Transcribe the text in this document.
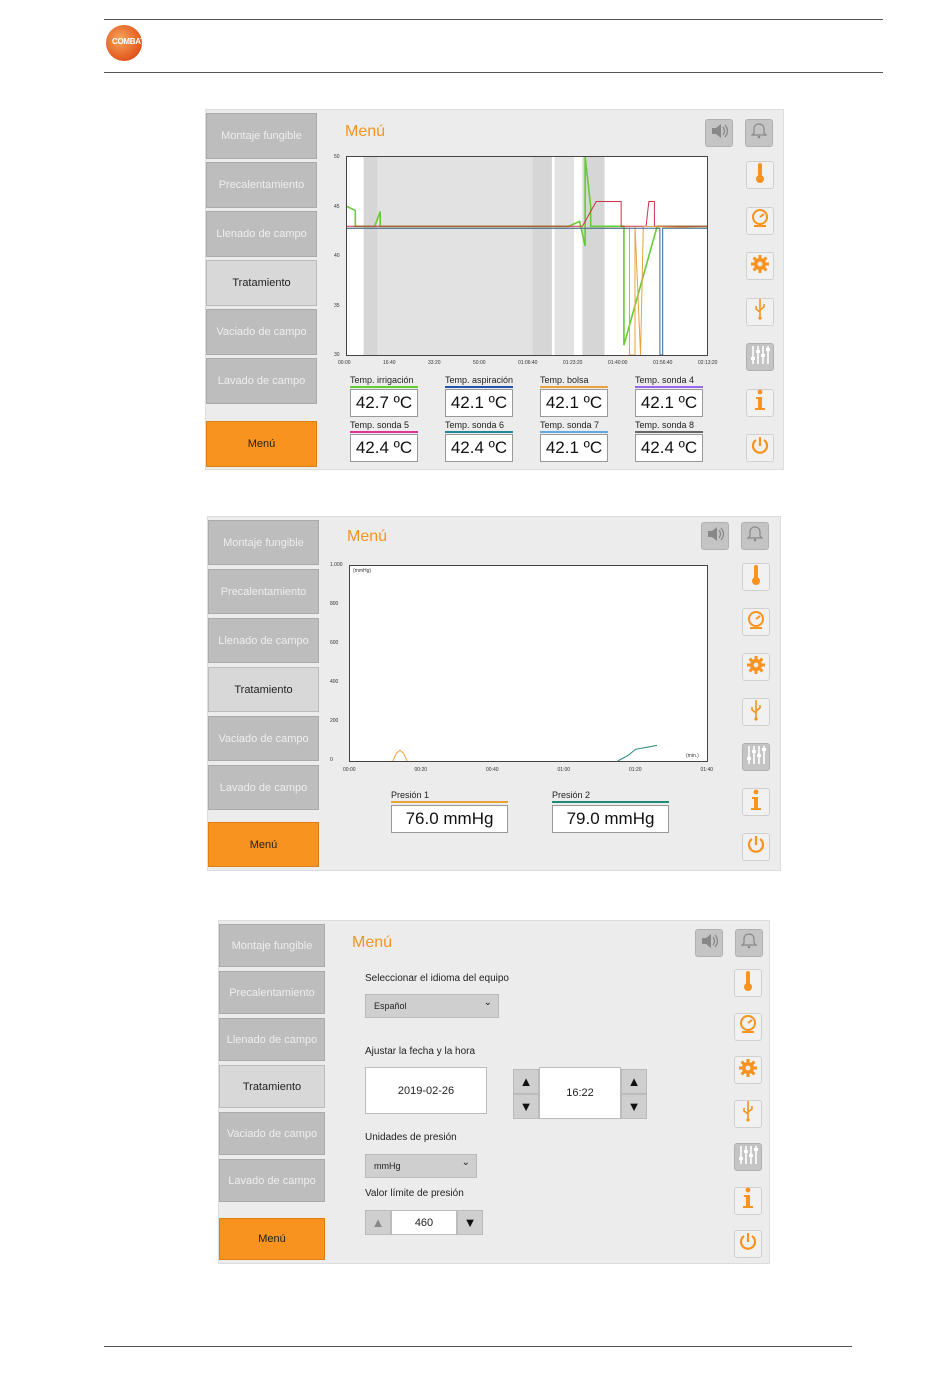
COMBAT
Montaje fungible
Precalentamiento
Llenado de campo
Tratamiento
Vaciado de campo
Lavado de campo
Menú
Menú
50
45
40
35
30
00:00	16:40	33:20	50:00	01:06:40	01:23:20	01:40:00	01:56:40	02:13:20
Temp. irrigación
42.7 ºC
Temp. aspiración
42.1 ºC
Temp. bolsa
42.1 ºC
Temp. sonda 4
42.1 ºC
Temp. sonda 5
42.4 ºC
Temp. sonda 6
42.4 ºC
Temp. sonda 7
42.1 ºC
Temp. sonda 8
42.4 ºC
Montaje fungible
Precalentamiento
Llenado de campo
Tratamiento
Vaciado de campo
Lavado de campo
Menú
Menú
(mmHg)
(min.)
1.000
800
600
400
200
0
00:00	00:20	00:40	01:00	01:20	01:40
Presión 1
76.0 mmHg
Presión 2
79.0 mmHg
Montaje fungible
Precalentamiento
Llenado de campo
Tratamiento
Vaciado de campo
Lavado de campo
Menú
Menú
Seleccionar el idioma del equipo
Español	⌄
Ajustar la fecha y la hora
2019-02-26
▲
▼
16:22
▲
▼
Unidades de presión
mmHg	⌄
Valor límite de presión
▲	460	▼
